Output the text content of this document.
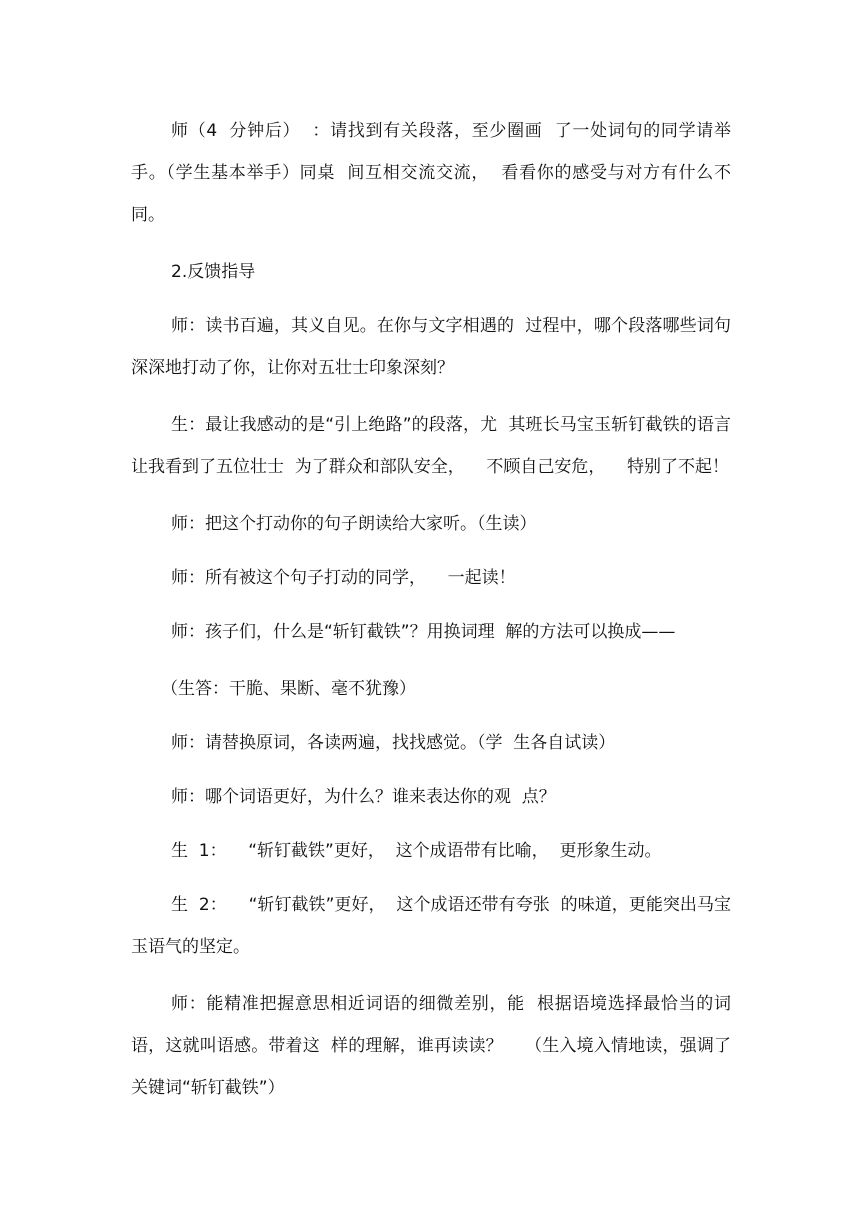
师（4  分钟后）  ：请找到有关段落，至少圈画  了一处词句的同学请举手。（学生基本举手）同桌  间互相交流交流，  看看你的感受与对方有什么不同。

2.反馈指导

师：读书百遍，其义自见。在你与文字相遇的  过程中，哪个段落哪些词句深深地打动了你，让你对五壮士印象深刻？

生：最让我感动的是“引上绝路”的段落，尤  其班长马宝玉斩钉截铁的语言让我看到了五位壮士  为了群众和部队安全，    不顾自己安危，    特别了不起！

师：把这个打动你的句子朗读给大家听。（生读）

师：所有被这个句子打动的同学，    一起读！

师：孩子们，什么是“斩钉截铁”？用换词理  解的方法可以换成——

（生答：干脆、果断、毫不犹豫）

师：请替换原词，各读两遍，找找感觉。（学  生各自试读）

师：哪个词语更好，为什么？谁来表达你的观  点？

生  1：    “斩钉截铁”更好，  这个成语带有比喻，  更形象生动。

生  2：    “斩钉截铁”更好，  这个成语还带有夸张  的味道，更能突出马宝玉语气的坚定。

师：能精准把握意思相近词语的细微差别，能  根据语境选择最恰当的词语，这就叫语感。带着这  样的理解，谁再读读？    （生入境入情地读，强调了    关键词“斩钉截铁”）
